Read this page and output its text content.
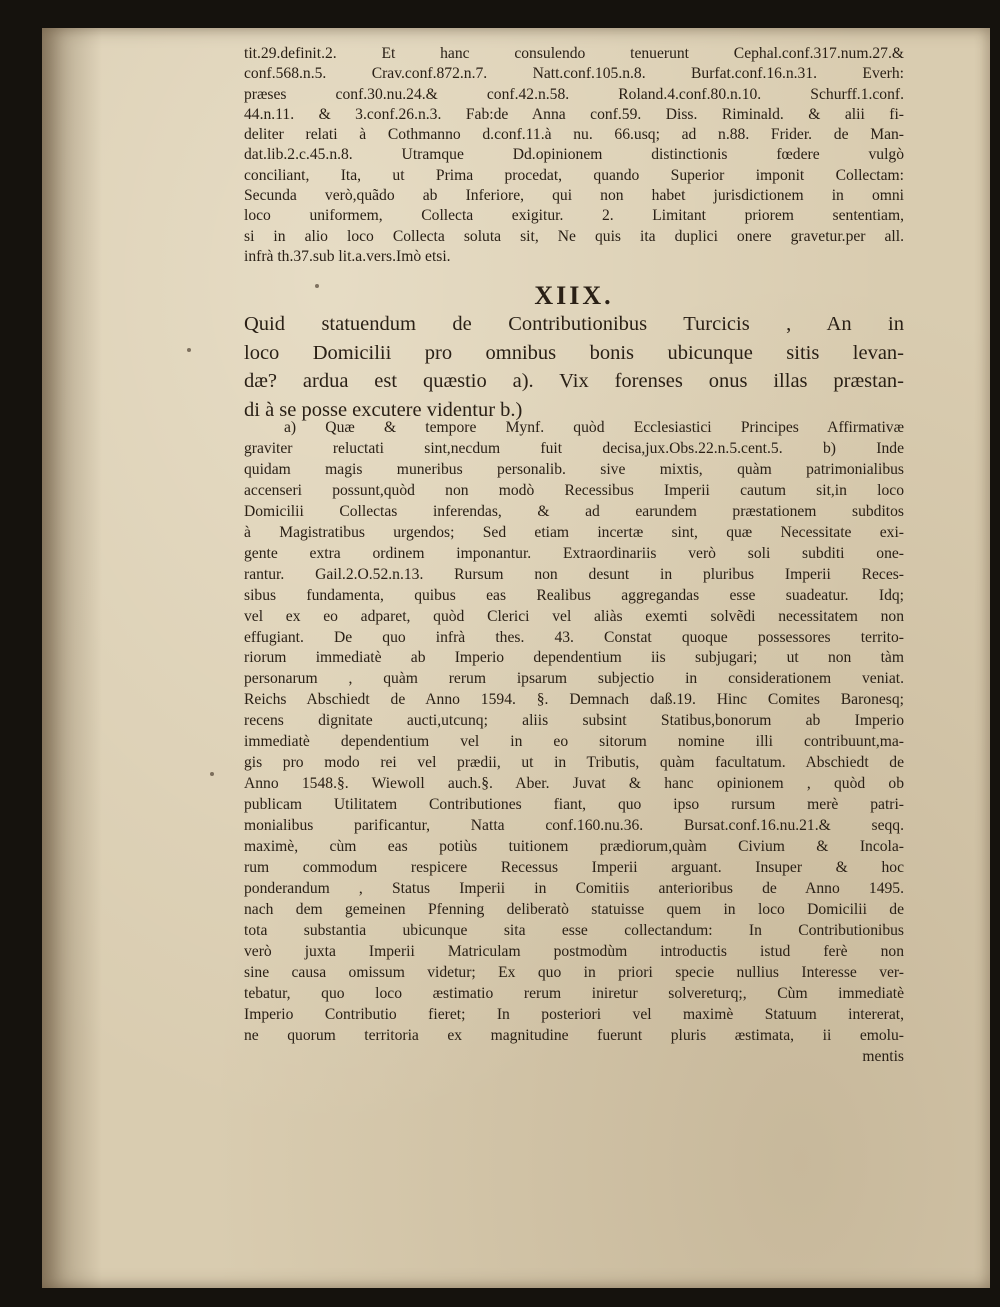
tit.29.definit.2. Et hanc consulendo tenuerunt Cephal.conf.317.num.27.&
conf.568.n.5. Crav.conf.872.n.7. Natt.conf.105.n.8. Burfat.conf.16.n.31. Everh:
præses conf.30.nu.24.& conf.42.n.58. Roland.4.conf.80.n.10. Schurff.1.conf.
44.n.11. & 3.conf.26.n.3. Fab:de Anna conf.59. Diss. Riminald. & alii fi-
deliter relati à Cothmanno d.conf.11.à nu. 66.usq; ad n.88. Frider. de Man-
dat.lib.2.c.45.n.8. Utramque Dd.opinionem distinctionis fœdere vulgò
conciliant, Ita, ut Prima procedat, quando Superior imponit Collectam:
Secunda verò,quãdo ab Inferiore, qui non habet jurisdictionem in omni
loco uniformem, Collecta exigitur. 2. Limitant priorem sententiam,
si in alio loco Collecta soluta sit, Ne quis ita duplici onere gravetur.per all.
infrà th.37.sub lit.a.vers.Imò etsi.
XIIX.
Quid statuendum de Contributionibus Turcicis , An in
loco Domicilii pro omnibus bonis ubicunque sitis levan-
dæ? ardua est quæstio a). Vix forenses onus illas præstan-
di à se posse excutere videntur b.)
a) Quæ & tempore Mynf. quòd Ecclesiastici Principes Affirmativæ
graviter reluctati sint,necdum fuit decisa,jux.Obs.22.n.5.cent.5. b) Inde
quidam magis muneribus personalib. sive mixtis, quàm patrimonialibus
accenseri possunt,quòd non modò Recessibus Imperii cautum sit,in loco
Domicilii Collectas inferendas, & ad earundem præstationem subditos
à Magistratibus urgendos; Sed etiam incertæ sint, quæ Necessitate exi-
gente extra ordinem imponantur. Extraordinariis verò soli subditi one-
rantur. Gail.2.O.52.n.13. Rursum non desunt in pluribus Imperii Reces-
sibus fundamenta, quibus eas Realibus aggregandas esse suadeatur. Idq;
vel ex eo adparet, quòd Clerici vel aliàs exemti solvẽdi necessitatem non
effugiant. De quo infrà thes. 43. Constat quoque possessores territo-
riorum immediatè ab Imperio dependentium iis subjugari; ut non tàm
personarum , quàm rerum ipsarum subjectio in considerationem veniat.
Reichs Abschiedt de Anno 1594. §. Demnach daß.19. Hinc Comites Baronesq;
recens dignitate aucti,utcunq; aliis subsint Statibus,bonorum ab Imperio
immediatè dependentium vel in eo sitorum nomine illi contribuunt,ma-
gis pro modo rei vel prædii, ut in Tributis, quàm facultatum. Abschiedt de
Anno 1548.§. Wiewoll auch.§. Aber. Juvat & hanc opinionem , quòd ob
publicam Utilitatem Contributiones fiant, quo ipso rursum merè patri-
monialibus parificantur, Natta conf.160.nu.36. Bursat.conf.16.nu.21.& seqq.
maximè, cùm eas potiùs tuitionem prædiorum,quàm Civium & Incola-
rum commodum respicere Recessus Imperii arguant. Insuper & hoc
ponderandum , Status Imperii in Comitiis anterioribus de Anno 1495.
nach dem gemeinen Pfenning deliberatò statuisse quem in loco Domicilii de
tota substantia ubicunque sita esse collectandum: In Contributionibus
verò juxta Imperii Matriculam postmodùm introductis istud ferè non
sine causa omissum videtur; Ex quo in priori specie nullius Interesse ver-
tebatur, quo loco æstimatio rerum iniretur solvereturq;, Cùm immediatè
Imperio Contributio fieret; In posteriori vel maximè Statuum intererat,
ne quorum territoria ex magnitudine fuerunt pluris æstimata, ii emolu-
mentis
